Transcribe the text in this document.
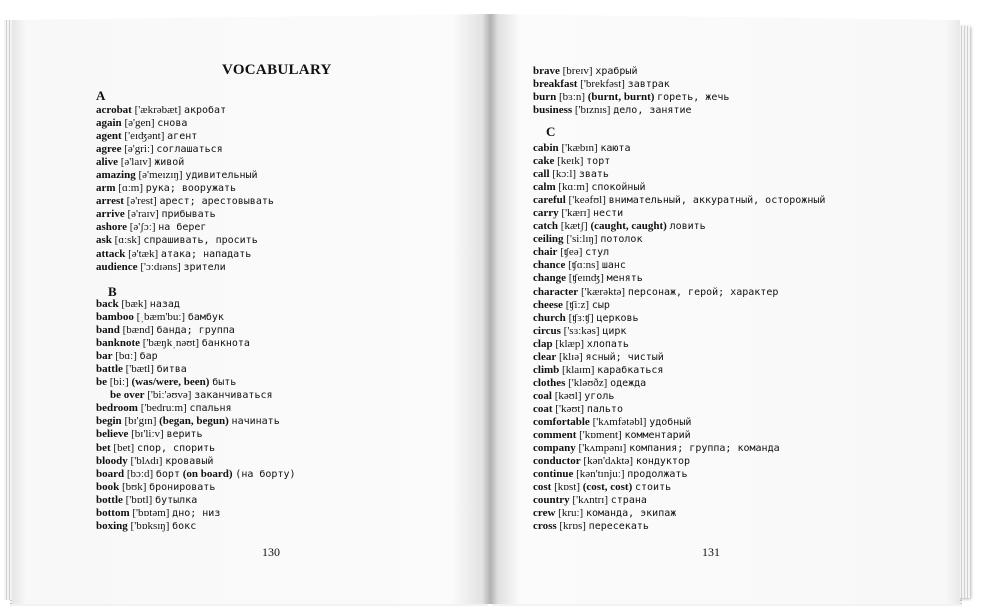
VOCABULARY
A
acrobat ['ækrəbæt] акробат
again [ə'gen] снова
agent ['eɪʤənt] агент
agree [ə'griː] соглашаться
alive [ə'laɪv] живой
amazing [ə'meɪzɪŋ] удивительный
arm [ɑːm] рука; вооружать
arrest [ə'rest] арест; арестовывать
arrive [ə'raɪv] прибывать
ashore [ə'ʃɔː] на берег
ask [ɑːsk] спрашивать, просить
attack [ə'tæk] атака; нападать
audience ['ɔːdɪəns] зрители
B
back [bæk] назад
bamboo [ˌbæm'buː] бамбук
band [bænd] банда; группа
banknote ['bæŋkˌnəʊt] банкнота
bar [bɑː] бар
battle ['bætl] битва
be [biː] (was/were, been) быть
be over ['biː'əʊvə] заканчиваться
bedroom ['bedruːm] спальня
begin [bɪ'gɪn] (began, begun) начинать
believe [bɪ'liːv] верить
bet [bet] спор, спорить
bloody ['blʌdɪ] кровавый
board [bɔːd] борт (on board) (на борту)
book [bʊk] бронировать
bottle ['bɒtl] бутылка
bottom ['bɒtəm] дно; низ
boxing ['bɒksɪŋ] бокс
130
brave [breɪv] храбрый
breakfast ['brekfəst] завтрак
burn [bɜːn] (burnt, burnt) гореть, жечь
business ['bɪznɪs] дело, занятие
C
cabin ['kæbɪn] каюта
cake [keɪk] торт
call [kɔːl] звать
calm [kɑːm] спокойный
careful ['keəfʊl] внимательный, аккуратный, осторожный
carry ['kærɪ] нести
catch [kætʃ] (caught, caught) ловить
ceiling ['siːlɪŋ] потолок
chair [ʧeə] стул
chance [ʧɑːns] шанс
change [ʧeɪnʤ] менять
character ['kærəktə] персонаж, герой; характер
cheese [ʧiːz] сыр
church [ʧɜːʧ] церковь
circus ['sɜːkəs] цирк
clap [klæp] хлопать
clear [klɪə] ясный; чистый
climb [klaɪm] карабкаться
clothes ['kləʊðz] одежда
coal [kəʊl] уголь
coat ['kəʊt] пальто
comfortable ['kʌmfətəbl] удобный
comment ['kɒment] комментарий
company ['kʌmpənɪ] компания; группа; команда
conductor [kən'dʌktə] кондуктор
continue [kən'tɪnjuː] продолжать
cost [kɒst] (cost, cost) стоить
country ['kʌntrɪ] страна
crew [kruː] команда, экипаж
cross [krɒs] пересекать
131
